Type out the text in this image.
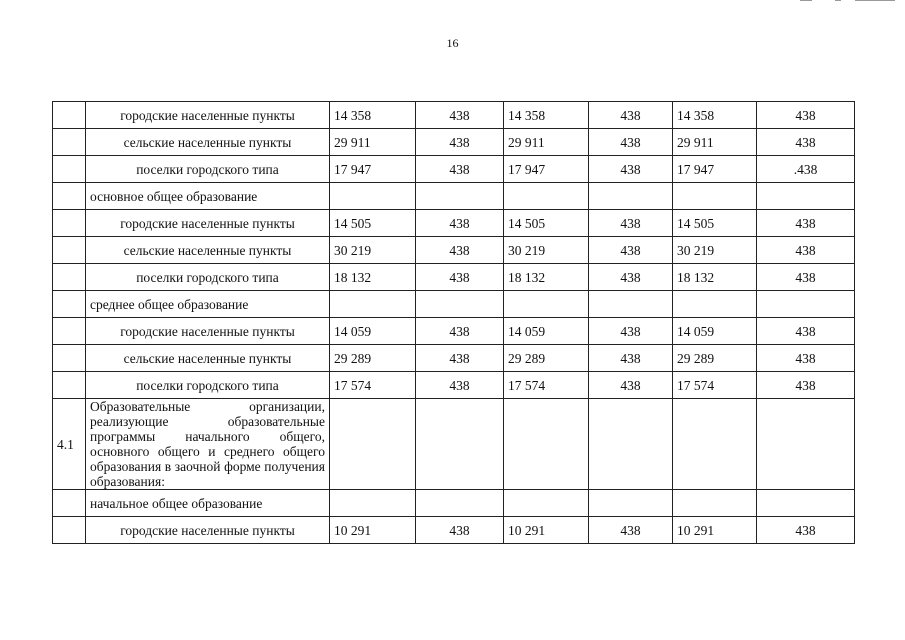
16
	городские населенные пункты	14 358	438	14 358	438	14 358	438
	сельские населенные пункты	29 911	438	29 911	438	29 911	438
	поселки городского типа	17 947	438	17 947	438	17 947	.438
	основное общее образование						
	городские населенные пункты	14 505	438	14 505	438	14 505	438
	сельские населенные пункты	30 219	438	30 219	438	30 219	438
	поселки городского типа	18 132	438	18 132	438	18 132	438
	среднее общее образование						
	городские населенные пункты	14 059	438	14 059	438	14 059	438
	сельские населенные пункты	29 289	438	29 289	438	29 289	438
	поселки городского типа	17 574	438	17 574	438	17 574	438
4.1	Образовательные организации, реализующие образовательные программы начального общего, основного общего и среднего общего образования в заочной форме получения образования:						
	начальное общее образование						
	городские населенные пункты	10 291	438	10 291	438	10 291	438
